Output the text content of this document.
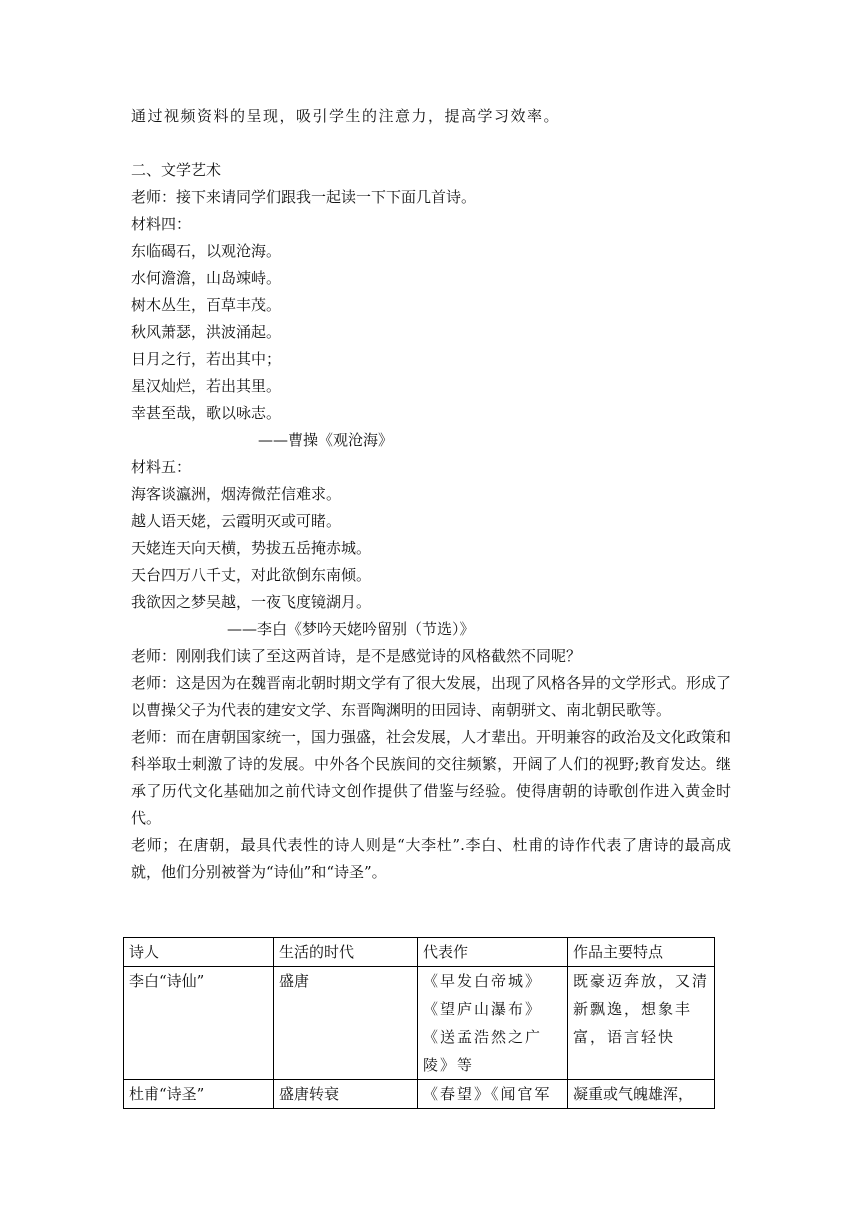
通过视频资料的呈现，吸引学生的注意力，提高学习效率。
二、文学艺术
老师：接下来请同学们跟我一起读一下下面几首诗。
材料四：
东临碣石，以观沧海。
水何澹澹，山岛竦峙。
树木丛生，百草丰茂。
秋风萧瑟，洪波涌起。
日月之行，若出其中；
星汉灿烂，若出其里。
幸甚至哉，歌以咏志。
——曹操《观沧海》
材料五：
海客谈瀛洲，烟涛微茫信难求。
越人语天姥，云霞明灭或可睹。
天姥连天向天横，势拔五岳掩赤城。
天台四万八千丈，对此欲倒东南倾。
我欲因之梦吴越，一夜飞度镜湖月。
——李白《梦吟天姥吟留别（节选）》
老师：刚刚我们读了至这两首诗，是不是感觉诗的风格截然不同呢？
老师：这是因为在魏晋南北朝时期文学有了很大发展，出现了风格各异的文学形式。形成了以曹操父子为代表的建安文学、东晋陶渊明的田园诗、南朝骈文、南北朝民歌等。
老师：而在唐朝国家统一，国力强盛，社会发展，人才辈出。开明兼容的政治及文化政策和科举取士刺激了诗的发展。中外各个民族间的交往频繁，开阔了人们的视野;教育发达。继承了历代文化基础加之前代诗文创作提供了借鉴与经验。使得唐朝的诗歌创作进入黄金时代。
老师；在唐朝，最具代表性的诗人则是“大李杜”.李白、杜甫的诗作代表了唐诗的最高成就，他们分别被誉为“诗仙”和“诗圣”。
诗人	生活的时代	代表作	作品主要特点
李白“诗仙”	盛唐	《早发白帝城》《望庐山瀑布》《送孟浩然之广陵》等	既豪迈奔放，又清新飘逸，想象丰富，语言轻快
杜甫“诗圣”	盛唐转衰	《春望》《闻官军	凝重或气魄雄浑，
